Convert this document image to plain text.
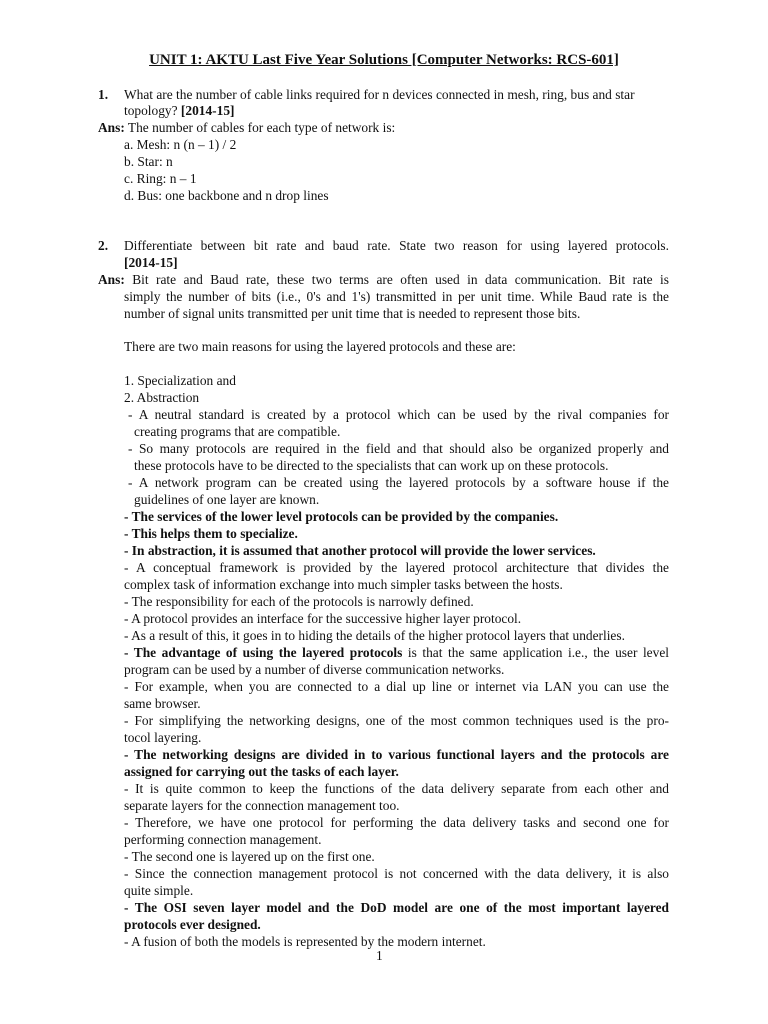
UNIT 1: AKTU Last Five Year Solutions [Computer Networks: RCS-601]
1. What are the number of cable links required for n devices connected in mesh, ring, bus and star
topology? [2014-15]
Ans: The number of cables for each type of network is:
a. Mesh: n (n – 1) / 2
b. Star: n
c. Ring: n – 1
d. Bus: one backbone and n drop lines
2. Differentiate between bit rate and baud rate. State two reason for using layered protocols.
[2014-15]
Ans: Bit rate and Baud rate, these two terms are often used in data communication. Bit rate is
simply the number of bits (i.e., 0's and 1's) transmitted in per unit time. While Baud rate is the
number of signal units transmitted per unit time that is needed to represent those bits.
There are two main reasons for using the layered protocols and these are:
1. Specialization and
2. Abstraction
- A neutral standard is created by a protocol which can be used by the rival companies for
creating programs that are compatible.
- So many protocols are required in the field and that should also be organized properly and
these protocols have to be directed to the specialists that can work up on these protocols.
- A network program can be created using the layered protocols by a software house if the
guidelines of one layer are known.
- The services of the lower level protocols can be provided by the companies.
- This helps them to specialize.
- In abstraction, it is assumed that another protocol will provide the lower services.
- A conceptual framework is provided by the layered protocol architecture that divides the
complex task of information exchange into much simpler tasks between the hosts.
- The responsibility for each of the protocols is narrowly defined.
- A protocol provides an interface for the successive higher layer protocol.
- As a result of this, it goes in to hiding the details of the higher protocol layers that underlies.
- The advantage of using the layered protocols is that the same application i.e., the user level
program can be used by a number of diverse communication networks.
- For example, when you are connected to a dial up line or internet via LAN you can use the
same browser.
- For simplifying the networking designs, one of the most common techniques used is the pro-
tocol layering.
- The networking designs are divided in to various functional layers and the protocols are
assigned for carrying out the tasks of each layer.
- It is quite common to keep the functions of the data delivery separate from each other and
separate layers for the connection management too.
- Therefore, we have one protocol for performing the data delivery tasks and second one for
performing connection management.
- The second one is layered up on the first one.
- Since the connection management protocol is not concerned with the data delivery, it is also
quite simple.
- The OSI seven layer model and the DoD model are one of the most important layered
protocols ever designed.
- A fusion of both the models is represented by the modern internet.
1
